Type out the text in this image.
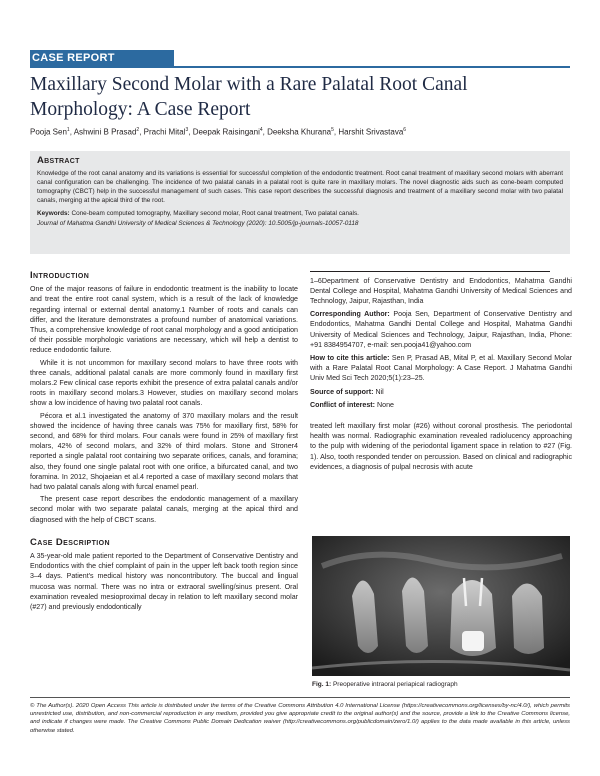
CASE REPORT
Maxillary Second Molar with a Rare Palatal Root Canal
Morphology: A Case Report
Pooja Sen$^1$, Ashwini B Prasad$^2$, Prachi Mital$^3$, Deepak Raisingani$^4$, Deeksha Khurana$^5$, Harshit Srivastava$^6$
Abstract

Knowledge of the root canal anatomy and its variations is essential for successful completion of the endodontic treatment. Root canal treatment of maxillary second molars with aberrant canal configuration can be challenging. The incidence of two palatal canals in a palatal root is quite rare in maxillary molars. The novel diagnostic aids such as cone-beam computed tomography (CBCT) help in the successful management of such cases. This case report describes the successful diagnosis and treatment of a maxillary second molar with two palatal canals, merging at the apical third of the root.

Keywords: Cone-beam computed tomography, Maxillary second molar, Root canal treatment, Two palatal canals.

Journal of Mahatma Gandhi University of Medical Sciences & Technology (2020): 10.5005/jp-journals-10057-0118

Introduction

One of the major reasons of failure in endodontic treatment is the inability to locate and treat the entire root canal system, which is a result of the lack of knowledge regarding internal or external dental anatomy.1 Number of roots and canals can differ, and the literature demonstrates a profound number of anatomical variations. Thus, a comprehensive knowledge of root canal morphology and a good anticipation of their possible morphologic variations are necessary, which will help a dentist to reduce endodontic failure.

While it is not uncommon for maxillary second molars to have three roots with three canals, additional palatal canals are more commonly found in maxillary first molars.2 Few clinical case reports exhibit the presence of extra palatal canals and/or roots in maxillary second molars.3 However, studies on maxillary second molars show a low incidence of having two palatal root canals.

Pécora et al.1 investigated the anatomy of 370 maxillary molars and the result showed the incidence of having three canals was 75% for maxillary first, 58% for second, and 68% for third molars. Four canals were found in 25% of maxillary first molars, 42% of second molars, and 32% of third molars. Stone and Stroner4 reported a single palatal root containing two separate orifices, canals, and foramina; also, they found one single palatal root with one orifice, a bifurcated canal, and two foramina. In 2012, Shojaeian et al.4 reported a case of maxillary second molars that had two palatal canals along with furcal enamel pearl.

The present case report describes the endodontic management of a maxillary second molar with two separate palatal canals, merging at the apical third and diagnosed with the help of CBCT scans.

Case Description

A 35-year-old male patient reported to the Department of Conservative Dentistry and Endodontics with the chief complaint of pain in the upper left back tooth region since 3–4 days. Patient's medical history was noncontributory. The buccal and lingual mucosa was normal. There was no intra or extraoral swelling/sinus present. Oral examination revealed mesioproximal decay in relation to left maxillary second molar (#27) and previously endodontically

1–6Department of Conservative Dentistry and Endodontics, Mahatma Gandhi Dental College and Hospital, Mahatma Gandhi University of Medical Sciences and Technology, Jaipur, Rajasthan, India

Corresponding Author: Pooja Sen, Department of Conservative Dentistry and Endodontics, Mahatma Gandhi Dental College and Hospital, Mahatma Gandhi University of Medical Sciences and Technology, Jaipur, Rajasthan, India, Phone: +91 8384954707, e-mail: sen.pooja41@yahoo.com

How to cite this article: Sen P, Prasad AB, Mital P, et al. Maxillary Second Molar with a Rare Palatal Root Canal Morphology: A Case Report. J Mahatma Gandhi Univ Med Sci Tech 2020;5(1):23–25.

Source of support: Nil

Conflict of interest: None

treated left maxillary first molar (#26) without coronal prosthesis. The periodontal health was normal. Radiographic examination revealed radiolucency approaching to the pulp with widening of the periodontal ligament space in relation to #27 (Fig. 1). Also, tooth responded tender on percussion. Based on clinical and radiographic evidences, a diagnosis of pulpal necrosis with acute

Fig. 1: Preoperative intraoral periapical radiograph
© The Author(s). 2020 Open Access This article is distributed under the terms of the Creative Commons Attribution 4.0 International License (https://creativecommons.org/licenses/by-nc/4.0/), which permits unrestricted use, distribution, and non-commercial reproduction in any medium, provided you give appropriate credit to the original author(s) and the source, provide a link to the Creative Commons license, and indicate if changes were made. The Creative Commons Public Domain Dedication waiver (http://creativecommons.org/publicdomain/zero/1.0/) applies to the data made available in this article, unless otherwise stated.
